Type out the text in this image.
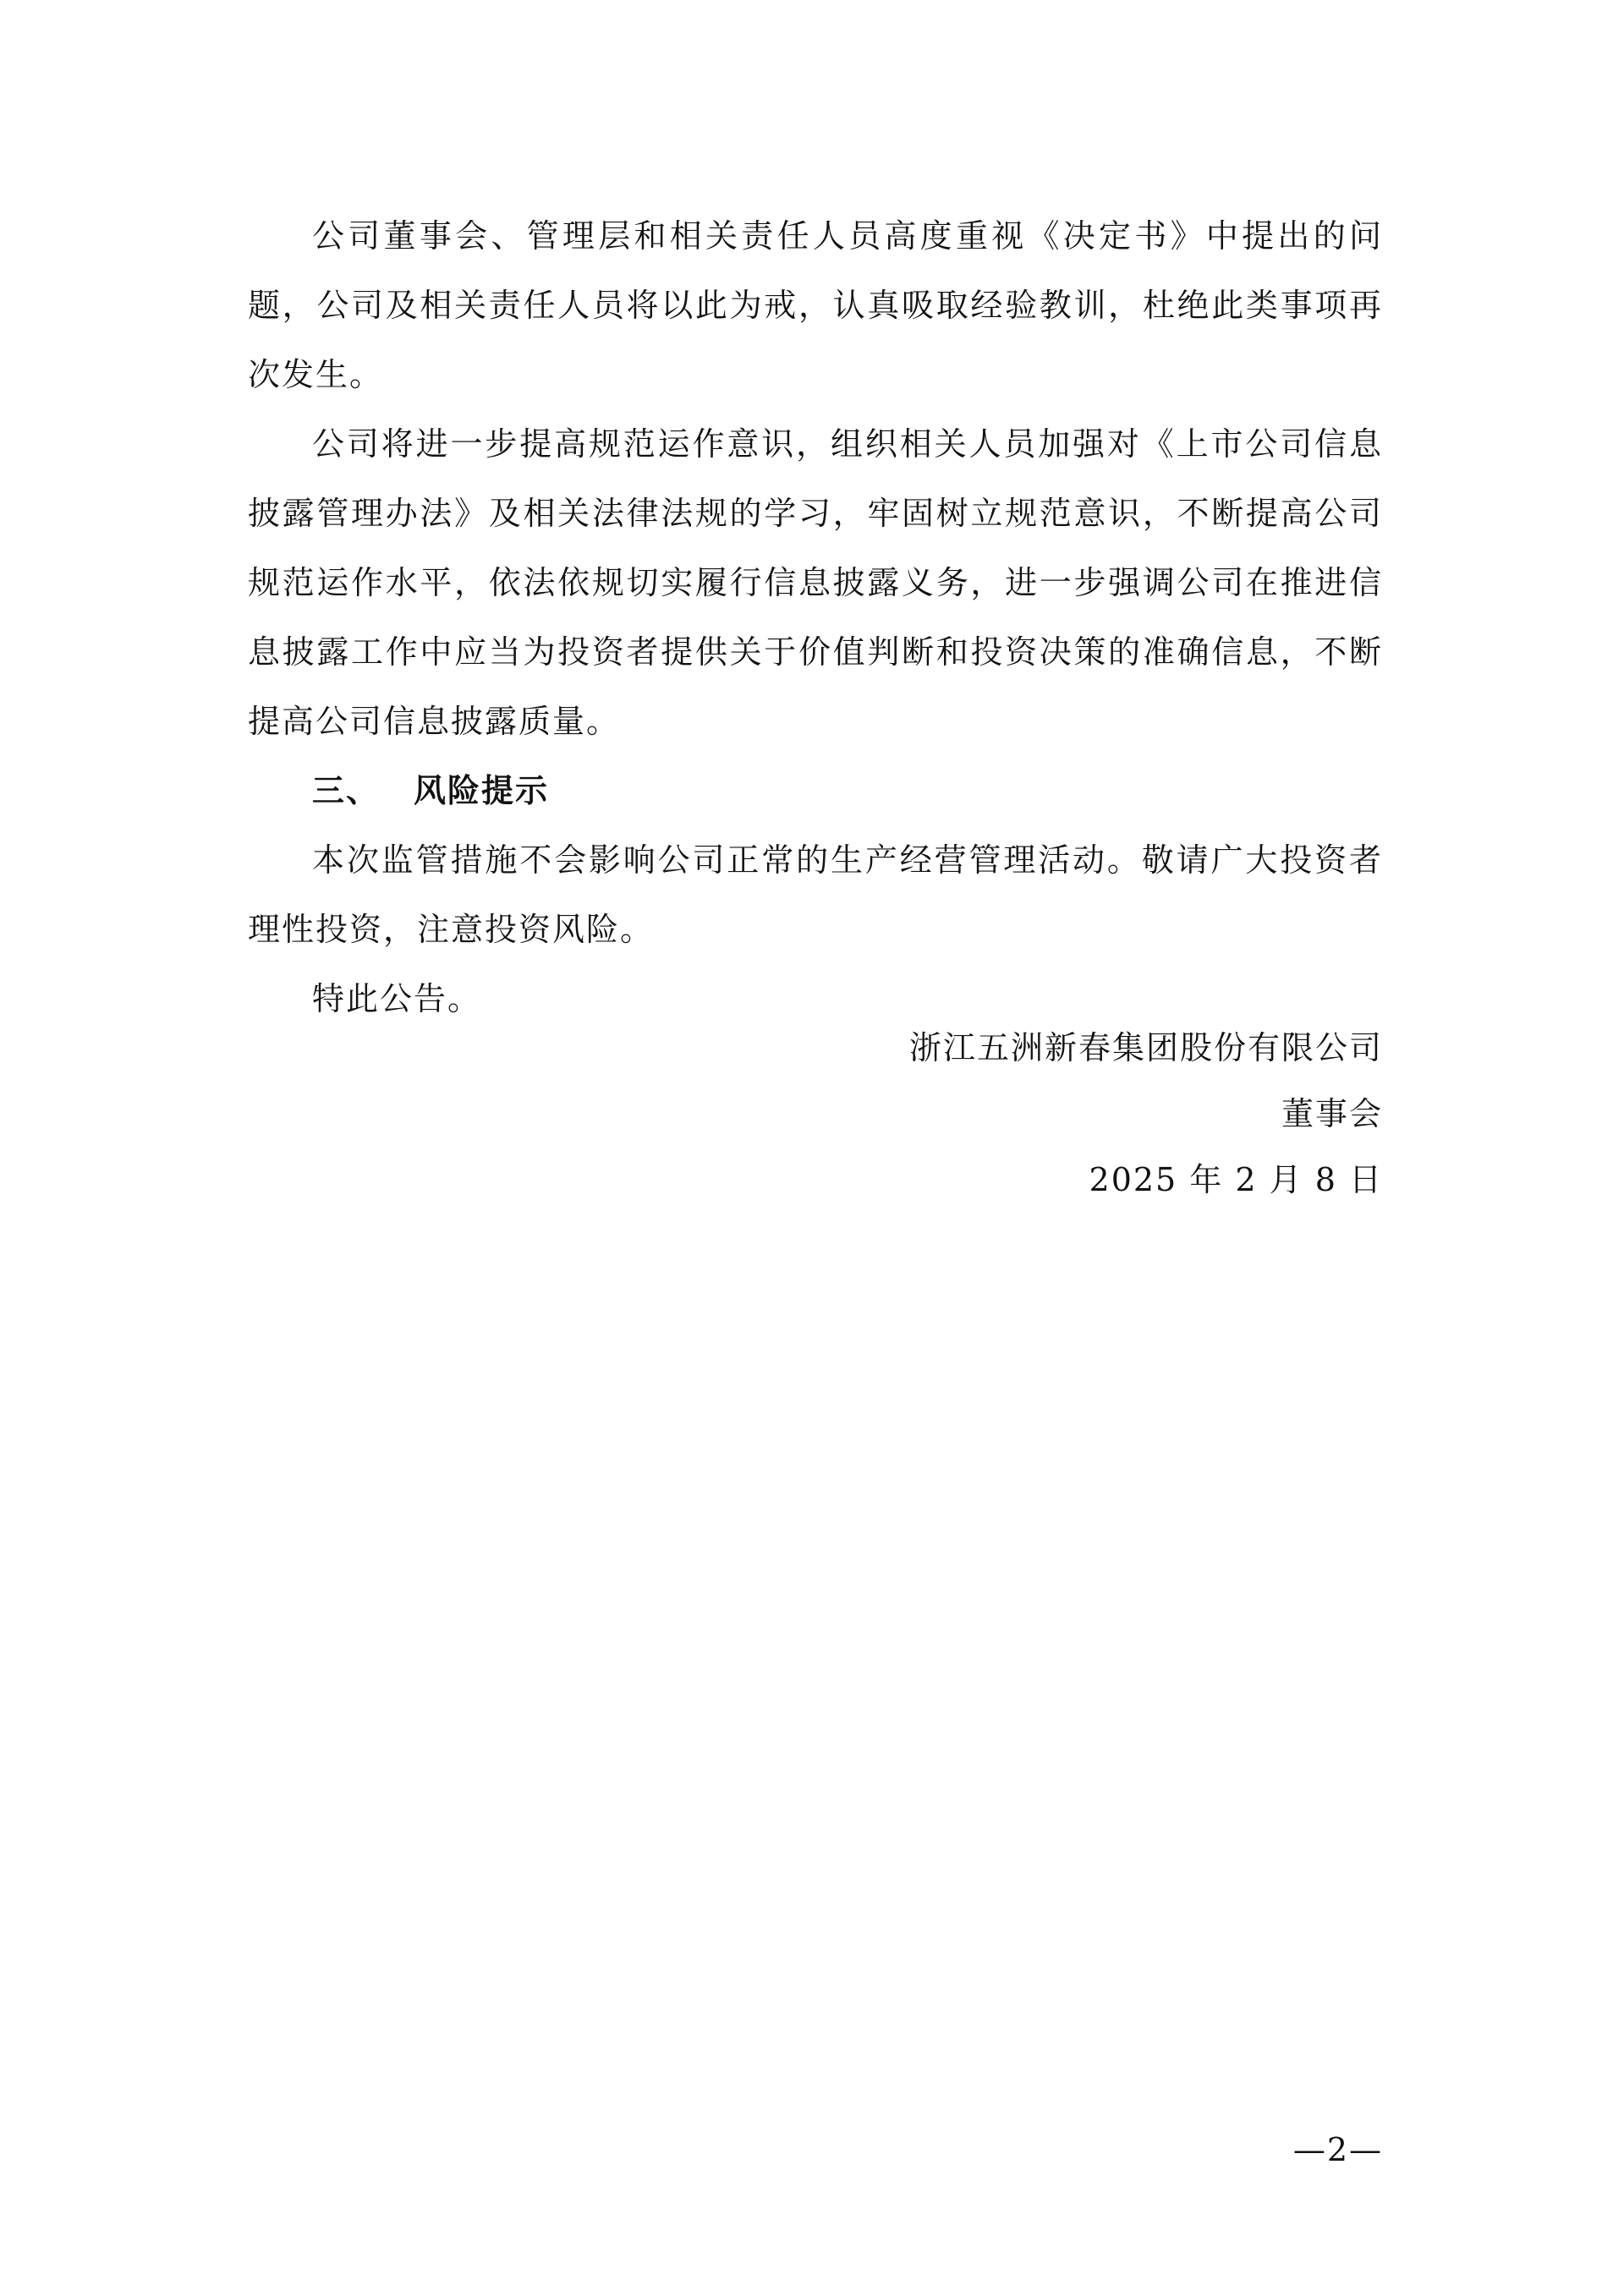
公司董事会、管理层和相关责任人员高度重视《决定书》中提出的问题，公司及相关责任人员将以此为戒，认真吸取经验教训，杜绝此类事项再次发生。

公司将进一步提高规范运作意识，组织相关人员加强对《上市公司信息披露管理办法》及相关法律法规的学习，牢固树立规范意识，不断提高公司规范运作水平，依法依规切实履行信息披露义务，进一步强调公司在推进信息披露工作中应当为投资者提供关于价值判断和投资决策的准确信息，不断提高公司信息披露质量。

三、 风险提示

本次监管措施不会影响公司正常的生产经营管理活动。敬请广大投资者理性投资，注意投资风险。

特此公告。

浙江五洲新春集团股份有限公司
董事会
2025 年 2 月 8 日
—2—
